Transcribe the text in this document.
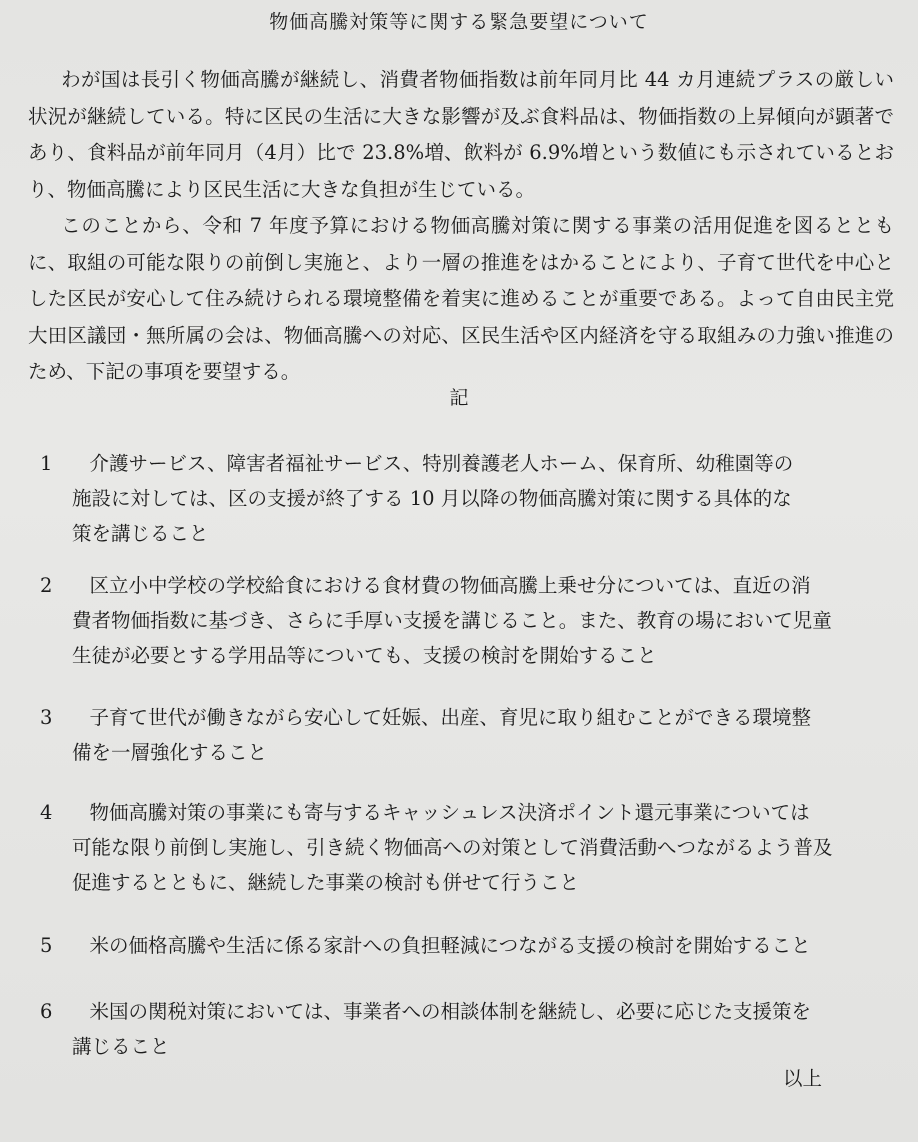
物価高騰対策等に関する緊急要望について

わが国は長引く物価高騰が継続し、消費者物価指数は前年同月比 44 カ月連続プラスの厳しい状況が継続している。特に区民の生活に大きな影響が及ぶ食料品は、物価指数の上昇傾向が顕著であり、食料品が前年同月（4月）比で 23.8%増、飲料が 6.9%増という数値にも示されているとおり、物価高騰により区民生活に大きな負担が生じている。

このことから、令和 7 年度予算における物価高騰対策に関する事業の活用促進を図るとともに、取組の可能な限りの前倒し実施と、より一層の推進をはかることにより、子育て世代を中心とした区民が安心して住み続けられる環境整備を着実に進めることが重要である。よって自由民主党大田区議団・無所属の会は、物価高騰への対応、区民生活や区内経済を守る取組みの力強い推進のため、下記の事項を要望する。

記
1	介護サービス、障害者福祉サービス、特別養護老人ホーム、保育所、幼稚園等の
施設に対しては、区の支援が終了する 10 月以降の物価高騰対策に関する具体的な
策を講じること
2	区立小中学校の学校給食における食材費の物価高騰上乗せ分については、直近の消
費者物価指数に基づき、さらに手厚い支援を講じること。また、教育の場において児童
生徒が必要とする学用品等についても、支援の検討を開始すること
3	子育て世代が働きながら安心して妊娠、出産、育児に取り組むことができる環境整
備を一層強化すること
4	物価高騰対策の事業にも寄与するキャッシュレス決済ポイント還元事業については
可能な限り前倒し実施し、引き続く物価高への対策として消費活動へつながるよう普及
促進するとともに、継続した事業の検討も併せて行うこと
5	米の価格高騰や生活に係る家計への負担軽減につながる支援の検討を開始すること
6	米国の関税対策においては、事業者への相談体制を継続し、必要に応じた支援策を
講じること
以上
